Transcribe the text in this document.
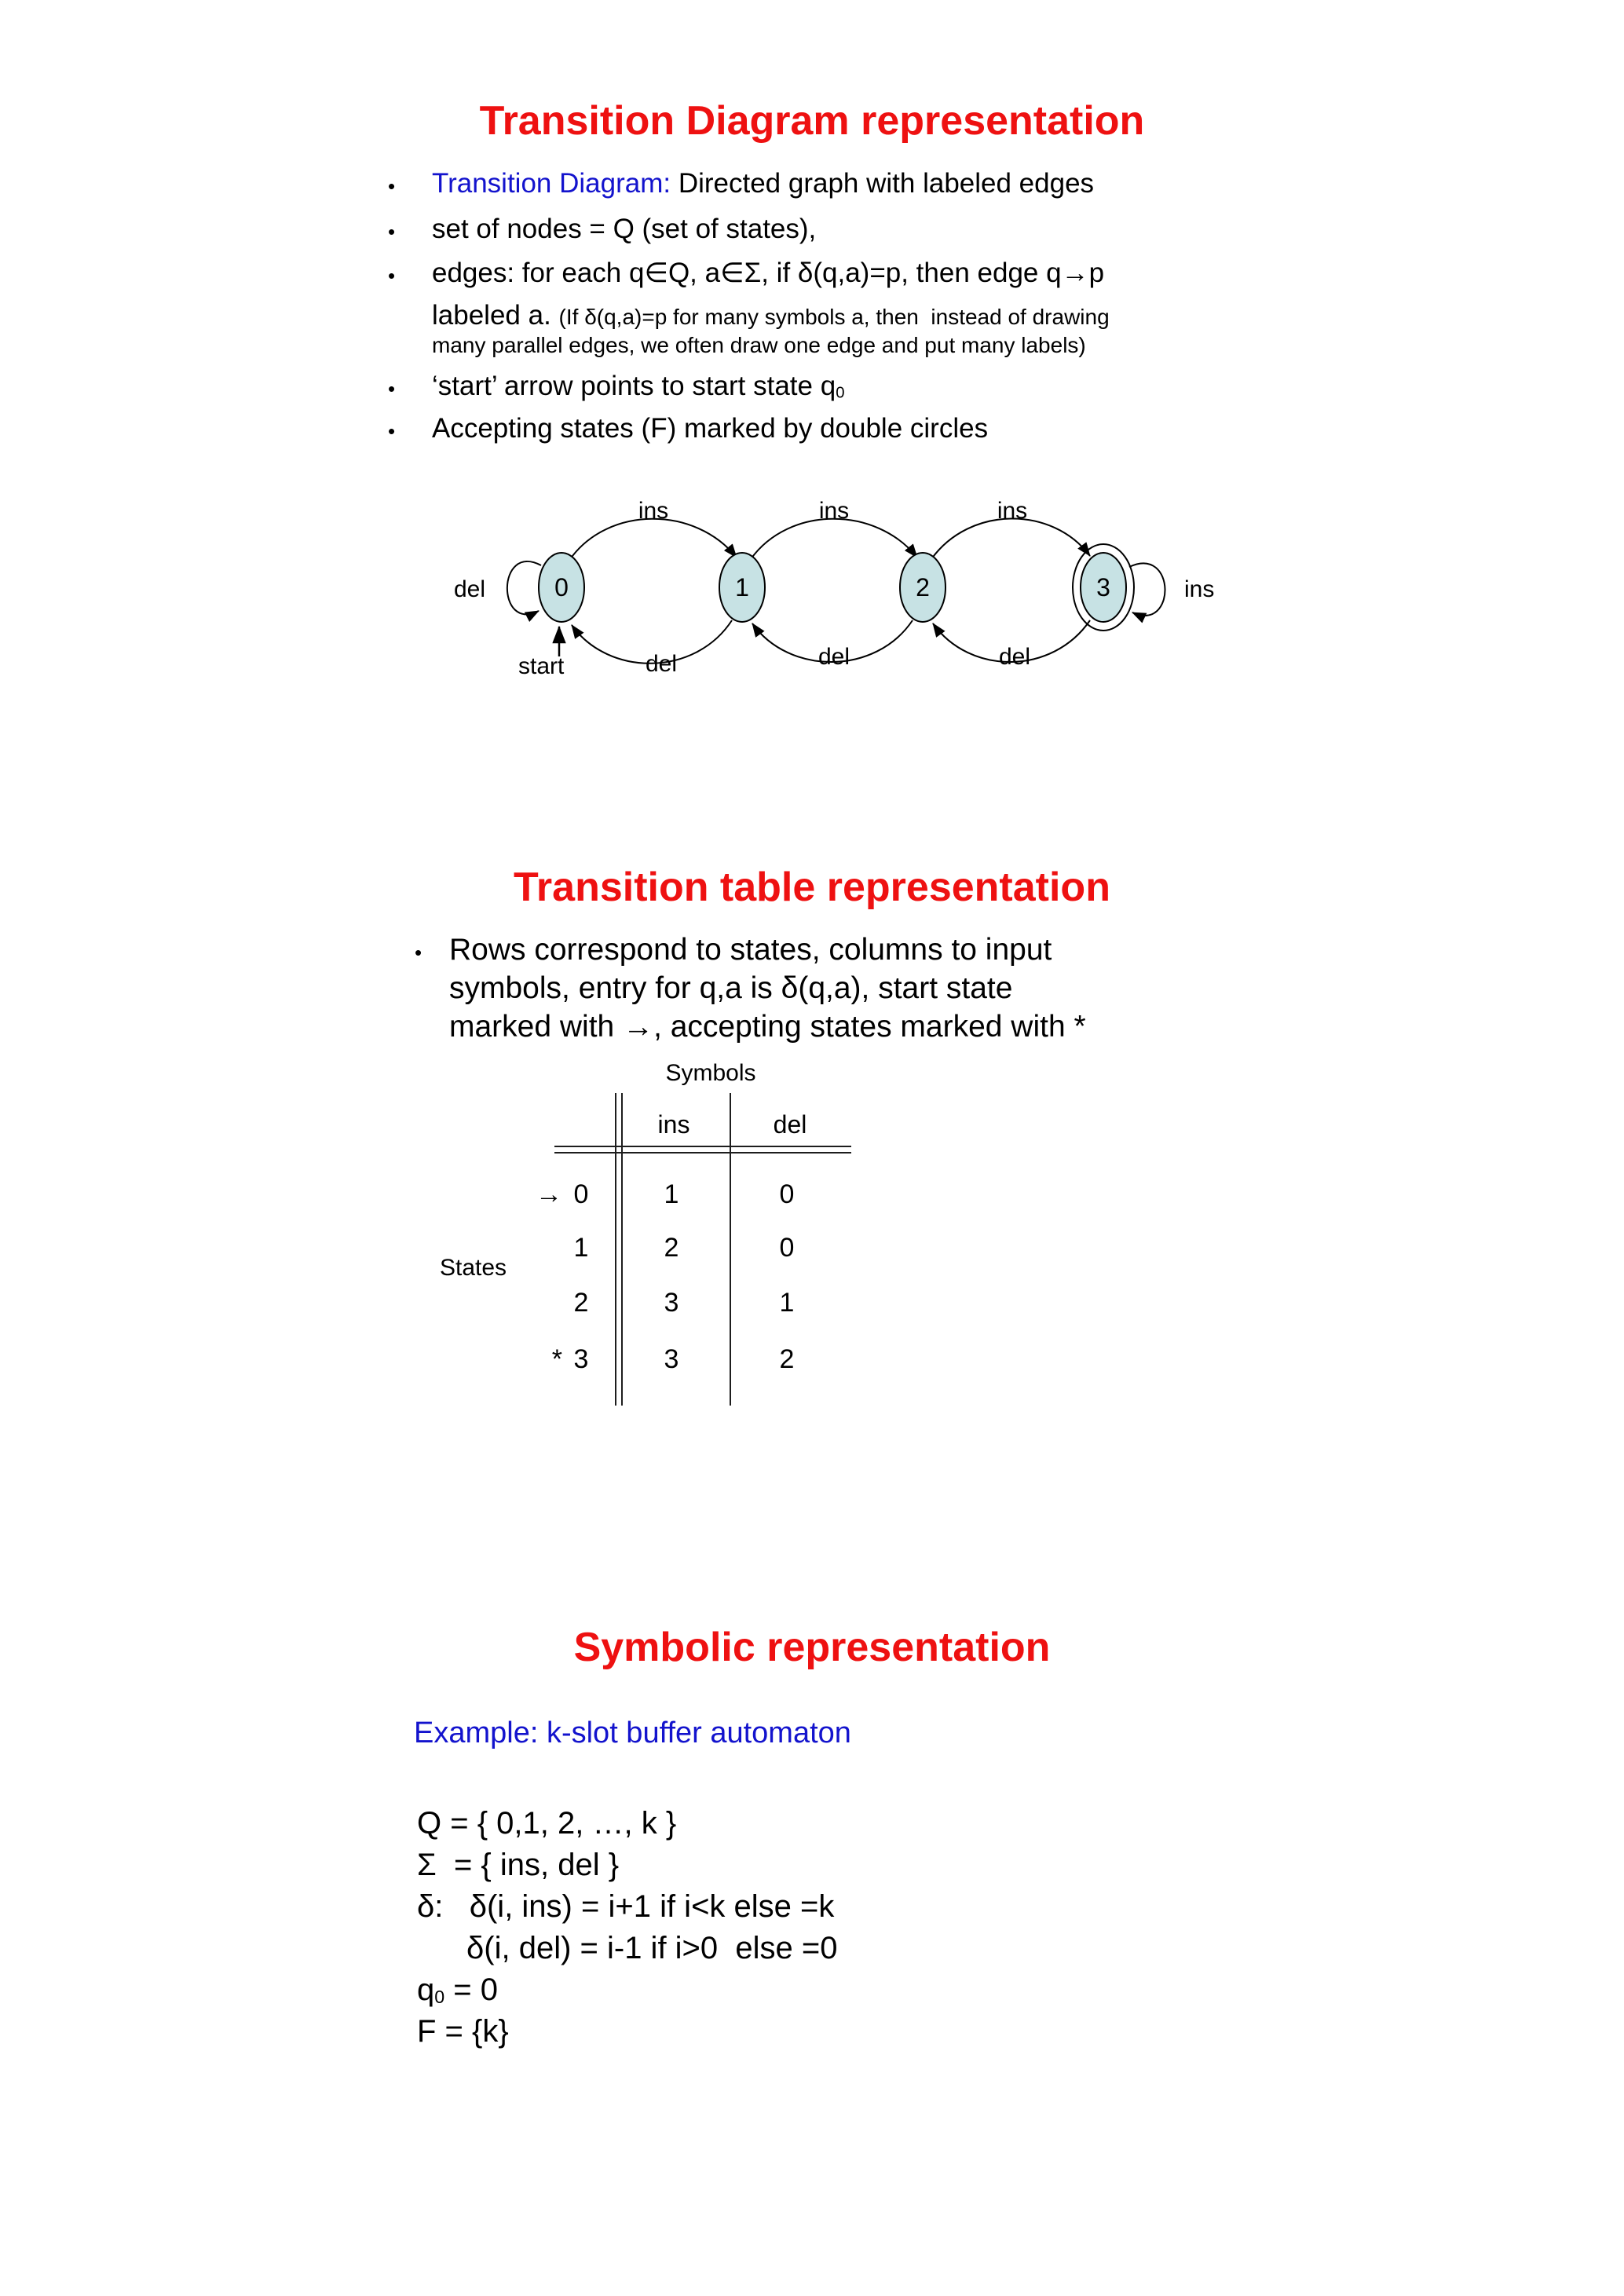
Transition Diagram representation
• Transition Diagram: Directed graph with labeled edges
• set of nodes = Q (set of states),
• edges: for each q∈Q, a∈Σ, if δ(q,a)=p, then edge q→p
labeled a. (If δ(q,a)=p for many symbols a, then  instead of drawing
many parallel edges, we often draw one edge and put many labels)
• ‘start’ arrow points to start state q0
• Accepting states (F) marked by double circles
0	1	2	3
ins	ins	ins
del	del	del
del	ins
start
Transition table representation
• Rows correspond to states, columns to input
symbols, entry for q,a is δ(q,a), start state
marked with →, accepting states marked with *
Symbols
States
ins	del
→ 0	1	0
1	2	0
2	3	1
* 3	3	2
Symbolic representation
Example: k-slot buffer automaton
Q = { 0,1, 2, …, k }
Σ  = { ins, del }
δ:   δ(i, ins) = i+1 if i<k else =k
δ(i, del) = i-1 if i>0  else =0
q0 = 0
F = {k}
